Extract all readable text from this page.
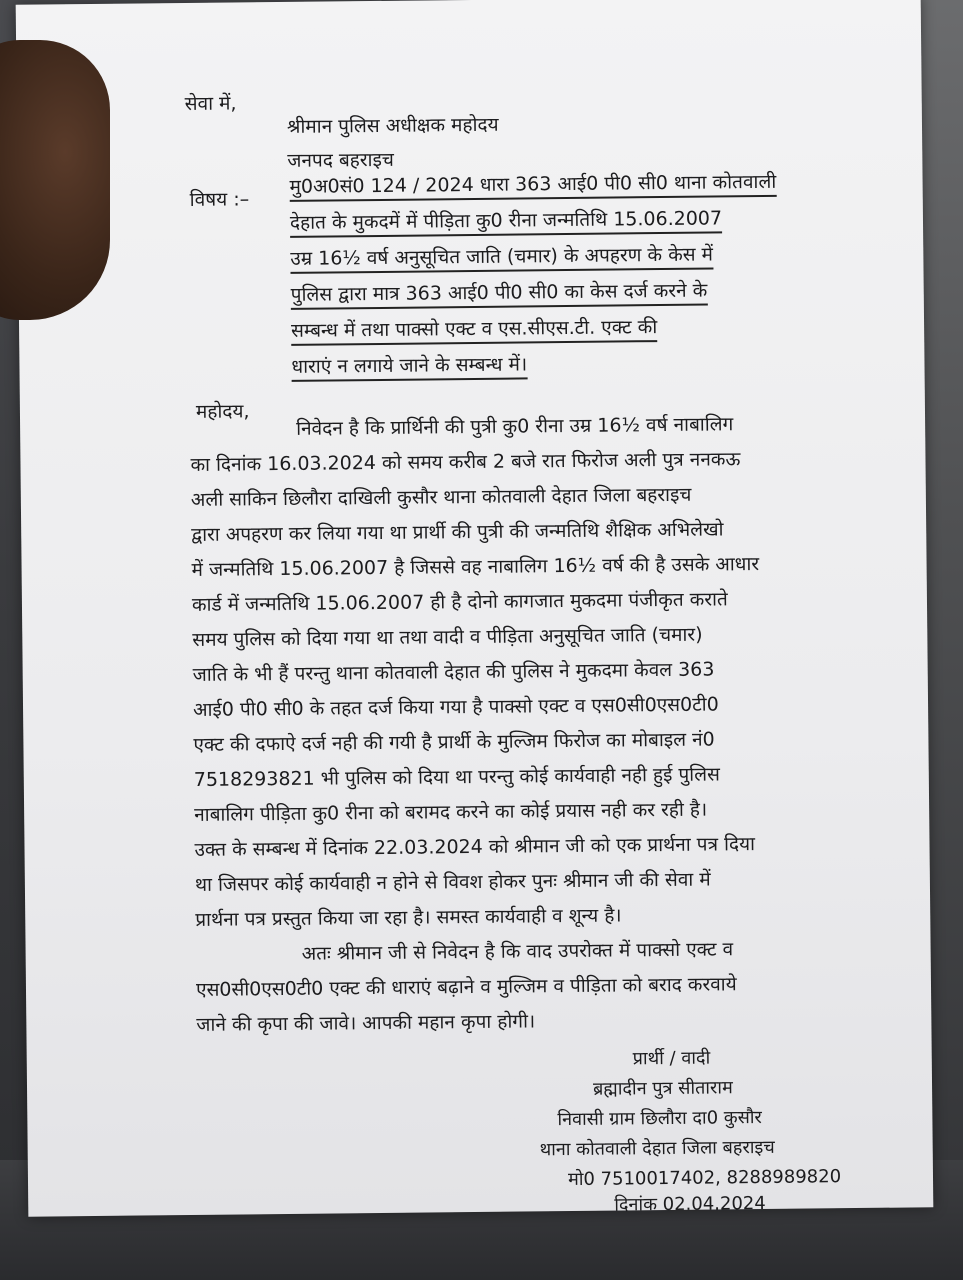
सेवा में,
श्रीमान पुलिस अधीक्षक महोदय
जनपद बहराइच
विषय :–
मु0अ0सं0 124 / 2024 धारा 363 आई0 पी0 सी0 थाना कोतवाली
देहात के मुकदमें में पीड़िता कु0 रीना जन्मतिथि 15.06.2007
उम्र 16½ वर्ष अनुसूचित जाति (चमार) के अपहरण के केस में
पुलिस द्वारा मात्र 363 आई0 पी0 सी0 का केस दर्ज करने के
सम्बन्ध में तथा पाक्सो एक्ट व एस.सीएस.टी. एक्ट की
धाराएं न लगाये जाने के सम्बन्ध में।
महोदय,
निवेदन है कि प्रार्थिनी की पुत्री कु0 रीना उम्र 16½ वर्ष नाबालिग
का दिनांक 16.03.2024 को समय करीब 2 बजे रात फिरोज अली पुत्र ननकऊ
अली साकिन छिलौरा दाखिली कुसौर थाना कोतवाली देहात जिला बहराइच
द्वारा अपहरण कर लिया गया था प्रार्थी की पुत्री की जन्मतिथि शैक्षिक अभिलेखो
में जन्मतिथि 15.06.2007 है जिससे वह नाबालिग 16½ वर्ष की है उसके आधार
कार्ड में जन्मतिथि 15.06.2007 ही है दोनो कागजात मुकदमा पंजीकृत कराते
समय पुलिस को दिया गया था तथा वादी व पीड़िता अनुसूचित जाति (चमार)
जाति के भी हैं परन्तु थाना कोतवाली देहात की पुलिस ने मुकदमा केवल 363
आई0 पी0 सी0 के तहत दर्ज किया गया है पाक्सो एक्ट व एस0सी0एस0टी0
एक्ट की दफाऐ दर्ज नही की गयी है प्रार्थी के मुल्जिम फिरोज का मोबाइल नं0
7518293821 भी पुलिस को दिया था परन्तु कोई कार्यवाही नही हुई पुलिस
नाबालिग पीड़िता कु0 रीना को बरामद करने का कोई प्रयास नही कर रही है।
उक्त के सम्बन्ध में दिनांक 22.03.2024 को श्रीमान जी को एक प्रार्थना पत्र दिया
था जिसपर कोई कार्यवाही न होने से विवश होकर पुनः श्रीमान जी की सेवा में
प्रार्थना पत्र प्रस्तुत किया जा रहा है। समस्त कार्यवाही व शून्य है।
अतः श्रीमान जी से निवेदन है कि वाद उपरोक्त में पाक्सो एक्ट व
एस0सी0एस0टी0 एक्ट की धाराएं बढ़ाने व मुल्जिम व पीड़िता को बराद करवाये
जाने की कृपा की जावे। आपकी महान कृपा होगी।
प्रार्थी / वादी
ब्रह्मादीन पुत्र सीताराम
निवासी ग्राम छिलौरा दा0 कुसौर
थाना कोतवाली देहात जिला बहराइच
मो0 7510017402, 8288989820
दिनांक 02.04.2024
